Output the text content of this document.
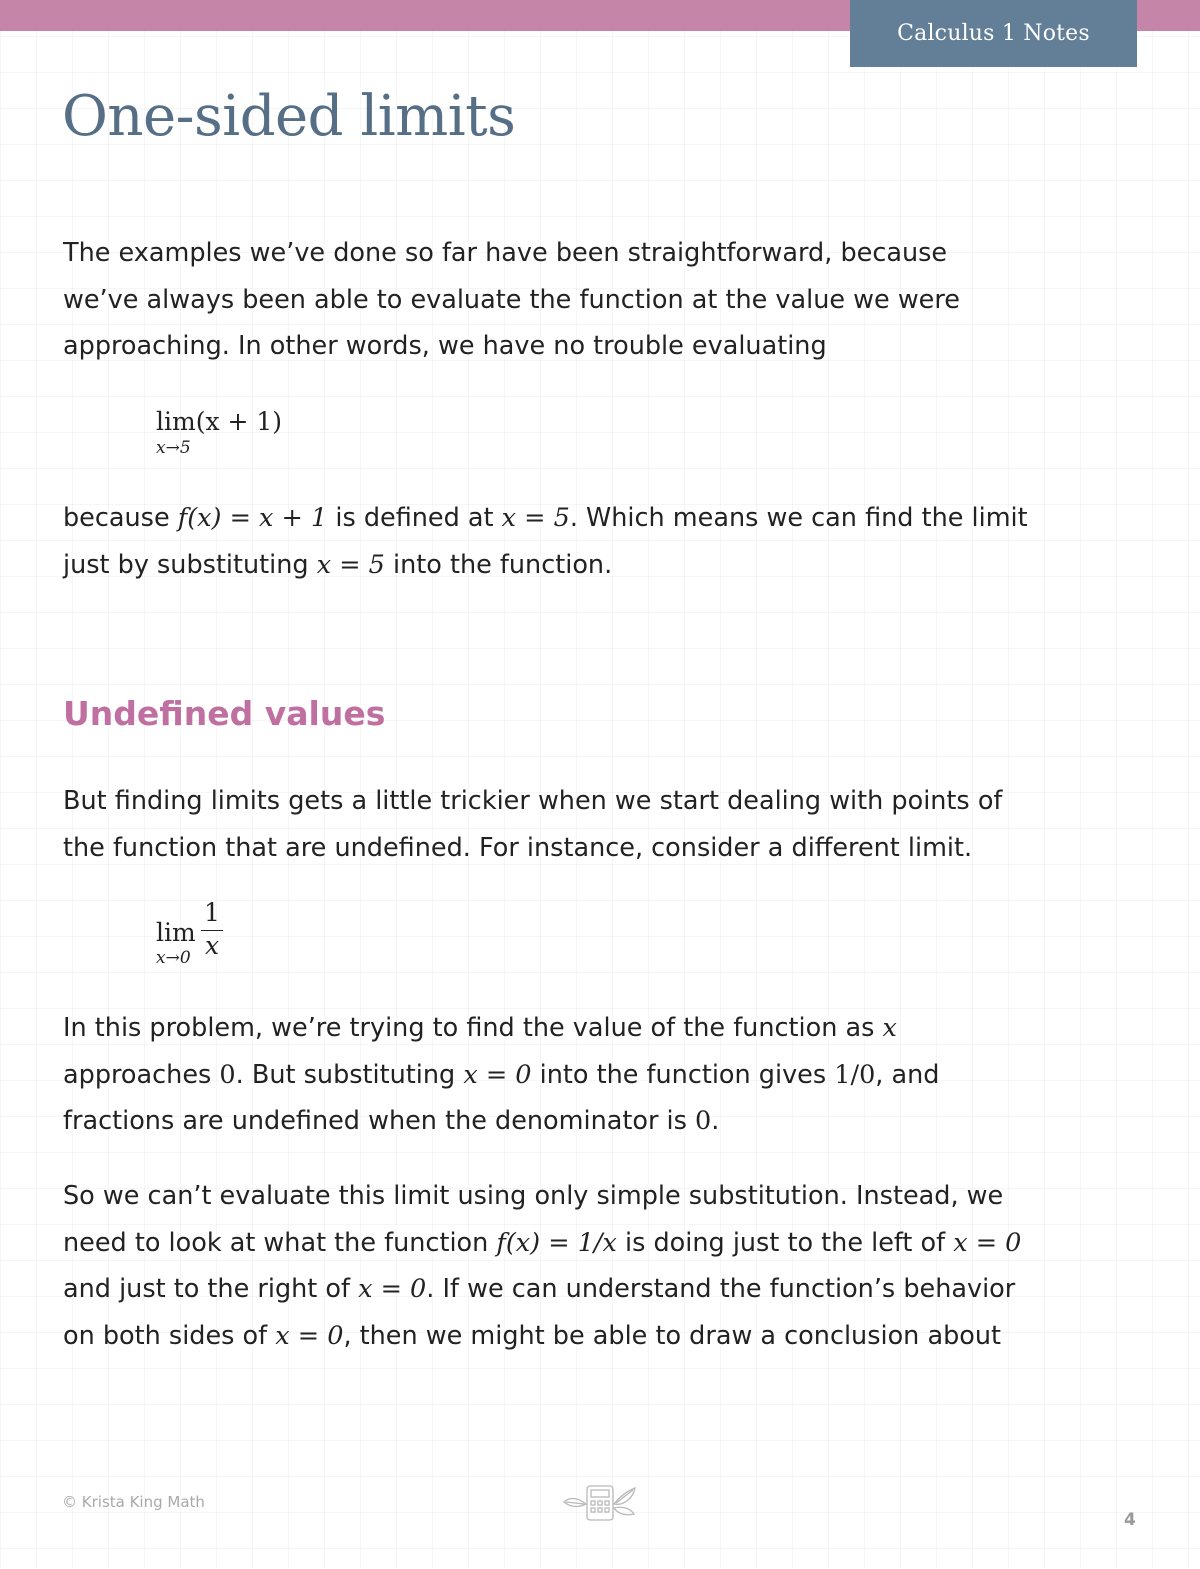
Calculus 1 Notes
One-sided limits

The examples we’ve done so far have been straightforward, because
we’ve always been able to evaluate the function at the value we were
approaching. In other words, we have no trouble evaluating

lim(x + 1)
x→5

because f(x) = x + 1 is defined at x = 5. Which means we can find the limit
just by substituting x = 5 into the function.

Undefined values

But finding limits gets a little trickier when we start dealing with points of
the function that are undefined. For instance, consider a different limit.

lim
x→0
1
x

In this problem, we’re trying to find the value of the function as x
approaches 0. But substituting x = 0 into the function gives 1/0, and
fractions are undefined when the denominator is 0.

So we can’t evaluate this limit using only simple substitution. Instead, we
need to look at what the function f(x) = 1/x is doing just to the left of x = 0
and just to the right of x = 0. If we can understand the function’s behavior
on both sides of x = 0, then we might be able to draw a conclusion about

© Krista King Math
4
